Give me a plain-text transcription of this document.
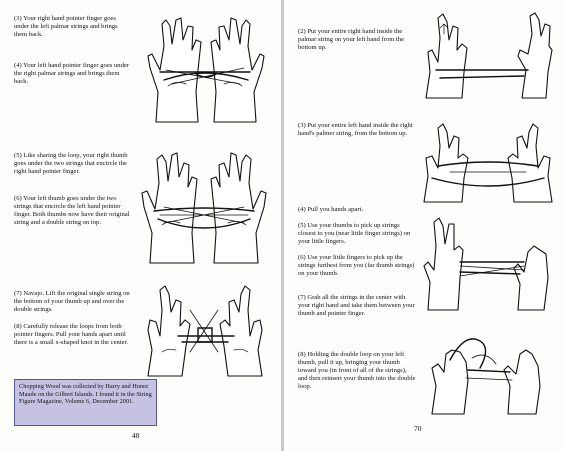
(3) Your right hand pointer finger goes under the left palmar strings and brings them back.

(4) Your left hand pointer finger goes under the right palmar strings and brings them back.

(5) Like sharing the loop, your right thumb goes under the two strings that encircle the right hand pointer finger.

(6) Your left thumb goes under the two strings that encircle the left hand pointer finger. Both thumbs now have their original string and a double string on top.

(7) Navajo. Lift the original single string on the bottom of your thumb up and over the double strings.

(8) Carefully release the loops from both pointer fingers. Pull your hands apart until there is a small x-shaped knot in the center.

Chopping Wood was collected by Harry and Honor Maude on the Gilbert Islands. I found it in the String Figure Magazine, Volume 6, December 2001.
48

(2) Put your entire right hand inside the palmar string on your left hand from the bottom up.

(3) Put your entire left hand inside the right hand's palmer string, from the bottom up.

(4) Pull you hands apart.

(5) Use your thumbs to pick up strings closest to you (near little finger strings) on your little fingers.

(6) Use your little fingers to pick up the strings furthest from you (far thumb strings) on your thumb.

(7) Grab all the strings in the center with your right hand and take them between your thumb and pointer finger.

(8) Holding the double loop on your left thumb, pull it up, bringing your thumb toward you (in front of all of the strings), and then reinsert your thumb into the double loop.

70
